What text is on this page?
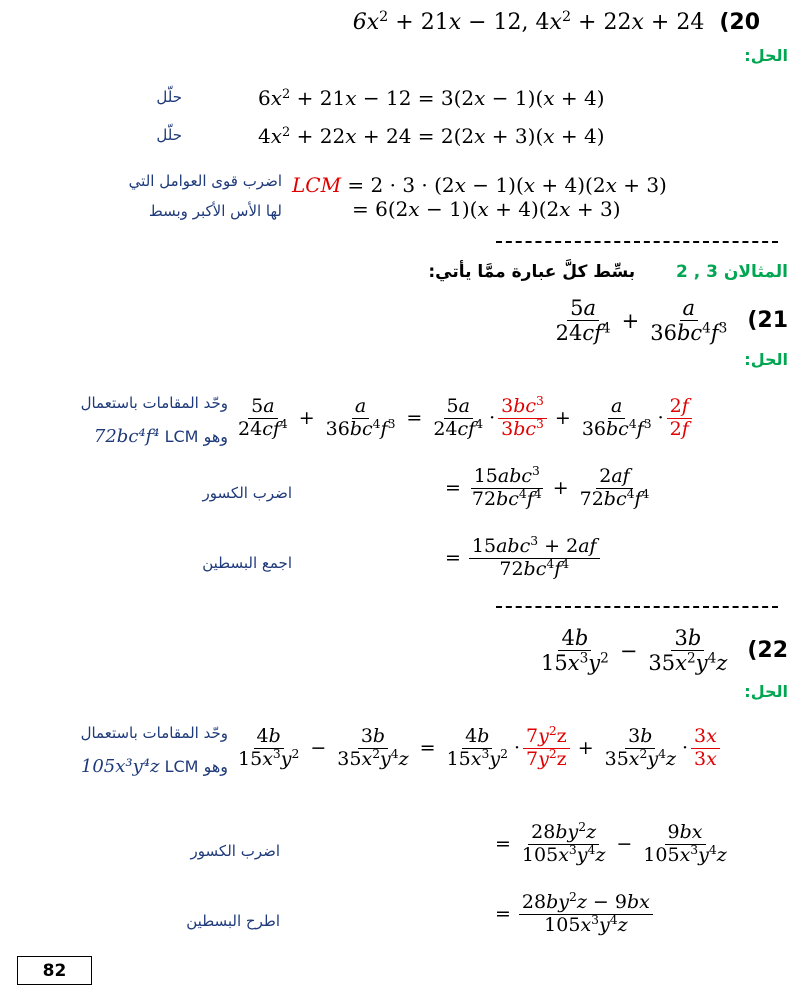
$6x^2 + 21x - 12$, $4x^2 + 22x + 24$ (20
الحل:
حلّل	$6x^2 + 21x - 12 = 3(2x - 1)(x + 4)$
حلّل	$4x^2 + 22x + 24 = 2(2x + 3)(x + 4)$
اضرب قوى العوامل التي
لها الأس الأكبر وبسط
LCM = 2 · 3 · (2x − 1)(x + 4)(2x + 3)
= 6(2x − 1)(x + 4)(2x + 3)
المثالان 3 , 2  بسِّط كلَّ عبارة ممَّا يأتي:
$\frac{5a}{24cf^4} + \frac{a}{36bc^4f^3} (21$
الحل:
وحّد المقامات باستعمال
72bc⁴f⁴ وهو LCM $\frac{5a}{24cf^4} + \frac{a}{36bc^4f^3} = \frac{5a}{24cf^4} \cdot \frac{3bc^3}{3bc^3} + \frac{a}{36bc^4f^3} \cdot \frac{2f}{2f}$
اضرب الكسور	= $\frac{15abc^3}{72bc^4f^4} + \frac{2af}{72bc^4f^4}$
اجمع البسطين	= $\frac{15abc^3 + 2af}{72bc^4f^4}$
$\frac{4b}{15x^3y^2} - \frac{3b}{35x^2y^4z} (22$
الحل:
وحّد المقامات باستعمال
105x³y⁴z وهو LCM $\frac{4b}{15x^3y^2} - \frac{3b}{35x^2y^4z} = \frac{4b}{15x^3y^2} \cdot \frac{7y^2z}{7y^2z} + \frac{3b}{35x^2y^4z} \cdot \frac{3x}{3x}$
اضرب الكسور	= $\frac{28by^2z}{105x^3y^4z} - \frac{9bx}{105x^3y^4z}$
اطرح البسطين	= $\frac{28by^2z - 9bx}{105x^3y^4z}$
82
